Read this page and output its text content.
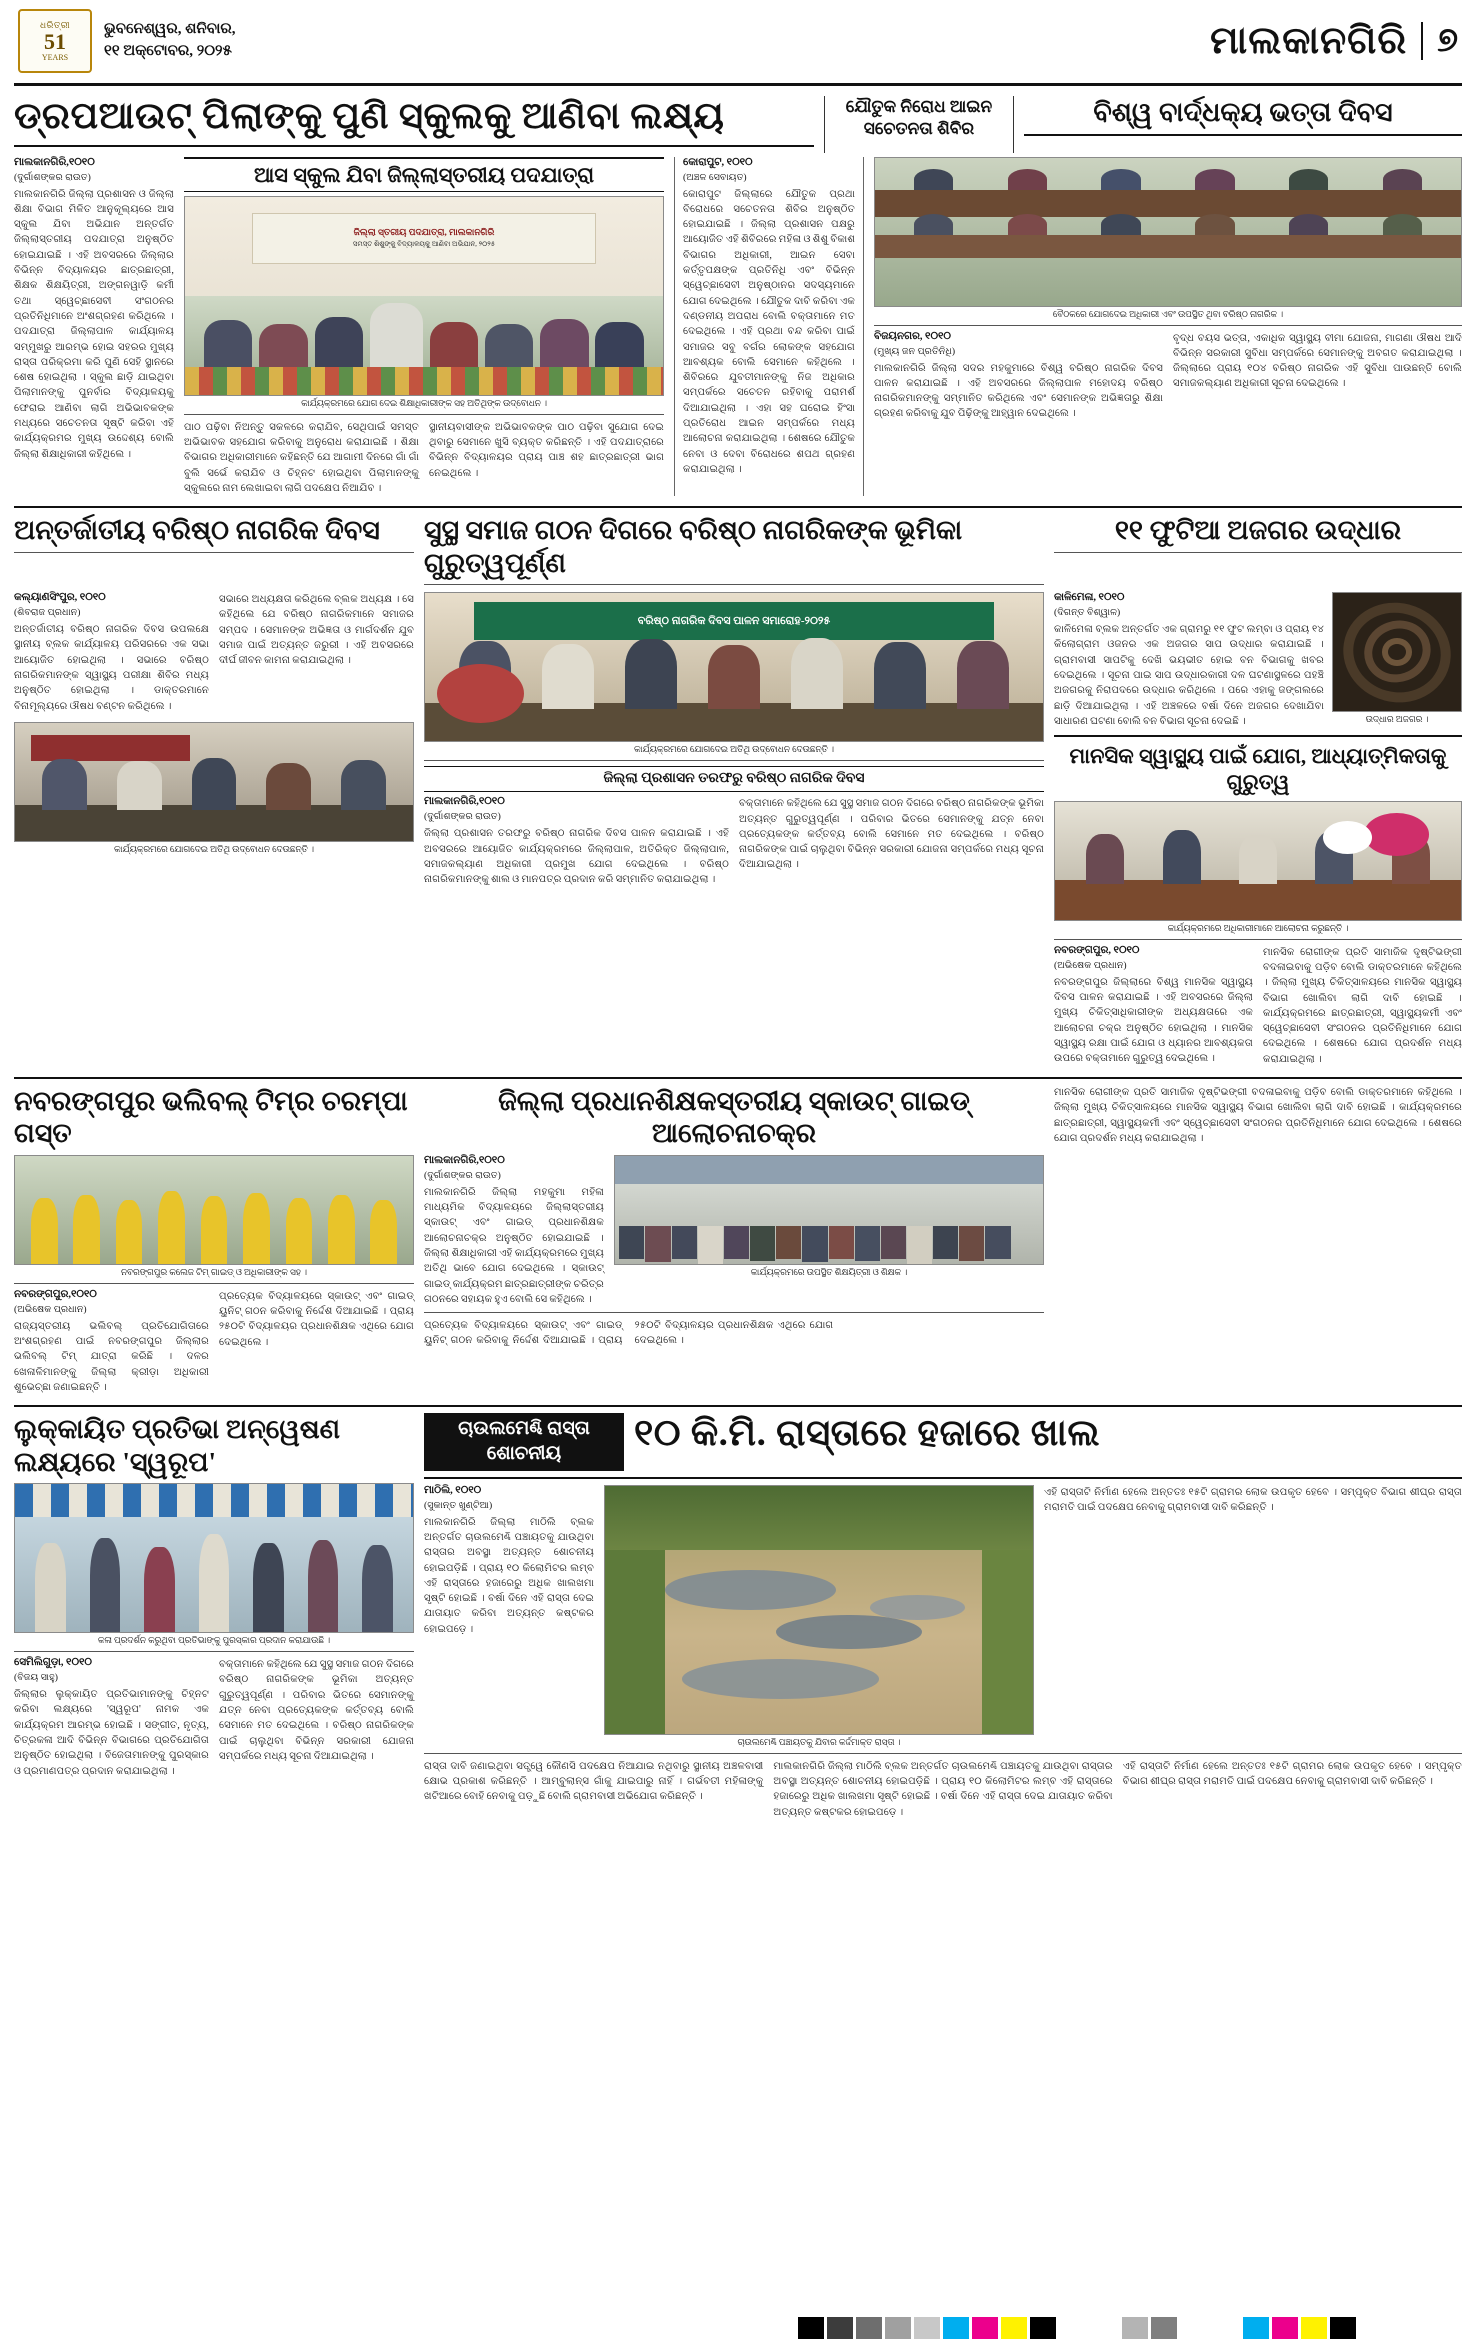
ଧରିତ୍ରୀ
51
YEARS
ଭୁବନେଶ୍ୱର, ଶନିବାର,
୧୧ ଅକ୍ଟୋବର, ୨୦୨୫	ମାଲକାନଗିରି ୭
ଡ୍ରପଆଉଟ୍ ପିଲାଙ୍କୁ ପୁଣି ସ୍କୁଲକୁ ଆଣିବା ଲକ୍ଷ୍ୟ	ଯୌତୁକ ନିରୋଧ ଆଇନ ସଚେତନତା ଶିବିର
ବିଶ୍ୱ ବାର୍ଦ୍ଧକ୍ୟ ଭତ୍ତା ଦିବସ
ମାଲକାନଗିରି,୧୦୧୦
(ଦୁର୍ଗାଶଙ୍କର ରାଉତ)
ମାଲକାନଗିରି ଜିଲ୍ଲା ପ୍ରଶାସନ ଓ ଜିଲ୍ଲା ଶିକ୍ଷା ବିଭାଗ ମିଳିତ ଆନୁକୂଲ୍ୟରେ ଆସ ସ୍କୁଲ ଯିବା ଅଭିଯାନ ଅନ୍ତର୍ଗତ ଜିଲ୍ଲାସ୍ତରୀୟ ପଦଯାତ୍ରା ଅନୁଷ୍ଠିତ ହୋଇଯାଇଛି । ଏହି ଅବସରରେ ଜିଲ୍ଲାର ବିଭିନ୍ନ ବିଦ୍ୟାଳୟର ଛାତ୍ରଛାତ୍ରୀ, ଶିକ୍ଷକ ଶିକ୍ଷୟିତ୍ରୀ, ଅଙ୍ଗନୱାଡ଼ି କର୍ମୀ ତଥା ସ୍ୱେଚ୍ଛାସେବୀ ସଂଗଠନର ପ୍ରତିନିଧିମାନେ ଅଂଶଗ୍ରହଣ କରିଥିଲେ । ପଦଯାତ୍ରା ଜିଲ୍ଲାପାଳ କାର୍ଯ୍ୟାଳୟ ସମ୍ମୁଖରୁ ଆରମ୍ଭ ହୋଇ ସହରର ମୁଖ୍ୟ ରାସ୍ତା ପରିକ୍ରମା କରି ପୁଣି ସେହି ସ୍ଥାନରେ ଶେଷ ହୋଇଥିଲା । ସ୍କୁଲ ଛାଡ଼ି ଯାଇଥିବା ପିଲାମାନଙ୍କୁ ପୁନର୍ବାର ବିଦ୍ୟାଳୟକୁ ଫେରାଇ ଆଣିବା ଲାଗି ଅଭିଭାବକଙ୍କ ମଧ୍ୟରେ ସଚେତନତା ସୃଷ୍ଟି କରିବା ଏହି କାର୍ଯ୍ୟକ୍ରମର ମୁଖ୍ୟ ଉଦ୍ଦେଶ୍ୟ ବୋଲି ଜିଲ୍ଲା ଶିକ୍ଷାଧିକାରୀ କହିଥିଲେ ।
ଆସ ସ୍କୁଲ ଯିବା ଜିଲ୍ଲାସ୍ତରୀୟ ପଦଯାତ୍ରା
ଜିଲ୍ଲା ସ୍ତରୀୟ ପଦଯାତ୍ରା, ମାଲକାନଗିରି
ସମସ୍ତ ଶିଶୁଙ୍କୁ ବିଦ୍ୟାଳୟକୁ ଆଣିବା ଅଭିଯାନ, ୨୦୨୫
କାର୍ଯ୍ୟକ୍ରମରେ ଯୋଗ ଦେଇ ଶିକ୍ଷାଧିକାରୀଙ୍କ ସହ ଅତିଥିଙ୍କ ଉଦ୍ବୋଧନ ।
ପାଠ ପଢ଼ିବା ନିଅନ୍ତୁ ସକଳରେ କରାଯିବ, ସେଥିପାଇଁ ସମସ୍ତ ଅଭିଭାବକ ସହଯୋଗ କରିବାକୁ ଅନୁରୋଧ କରାଯାଇଛି । ଶିକ୍ଷା ବିଭାଗର ଅଧିକାରୀମାନେ କହିଛନ୍ତି ଯେ ଆଗାମୀ ଦିନରେ ଗାଁ ଗାଁ ବୁଲି ସର୍ଭେ କରାଯିବ ଓ ଚିହ୍ନଟ ହୋଇଥିବା ପିଲାମାନଙ୍କୁ ସ୍କୁଲରେ ନାମ ଲେଖାଇବା ଲାଗି ପଦକ୍ଷେପ ନିଆଯିବ ।
ସ୍ଥାନୀୟବାସୀଙ୍କ ଅଭିଭାବକଙ୍କ ପାଠ ପଢ଼ିବା ସୁଯୋଗ ଦେଇ ଥିବାରୁ ସେମାନେ ଖୁସି ବ୍ୟକ୍ତ କରିଛନ୍ତି । ଏହି ପଦଯାତ୍ରାରେ ବିଭିନ୍ନ ବିଦ୍ୟାଳୟର ପ୍ରାୟ ପାଞ୍ଚ ଶହ ଛାତ୍ରଛାତ୍ରୀ ଭାଗ ନେଇଥିଲେ ।
କୋରାପୁଟ, ୧୦୧୦
(ଅଞ୍ଚଳ ସେବାୟତ)
କୋରାପୁଟ ଜିଲ୍ଲାରେ ଯୌତୁକ ପ୍ରଥା ବିରୋଧରେ ସଚେତନତା ଶିବିର ଅନୁଷ୍ଠିତ ହୋଇଯାଇଛି । ଜିଲ୍ଲା ପ୍ରଶାସନ ପକ୍ଷରୁ ଆୟୋଜିତ ଏହି ଶିବିରରେ ମହିଳା ଓ ଶିଶୁ ବିକାଶ ବିଭାଗର ଅଧିକାରୀ, ଆଇନ ସେବା କର୍ତ୍ତୃପକ୍ଷଙ୍କ ପ୍ରତିନିଧି ଏବଂ ବିଭିନ୍ନ ସ୍ୱେଚ୍ଛାସେବୀ ଅନୁଷ୍ଠାନର ସଦସ୍ୟମାନେ ଯୋଗ ଦେଇଥିଲେ । ଯୌତୁକ ଦାବି କରିବା ଏକ ଦଣ୍ଡନୀୟ ଅପରାଧ ବୋଲି ବକ୍ତାମାନେ ମତ ଦେଇଥିଲେ । ଏହି ପ୍ରଥା ବନ୍ଦ କରିବା ପାଇଁ ସମାଜର ସବୁ ବର୍ଗର ଲୋକଙ୍କ ସହଯୋଗ ଆବଶ୍ୟକ ବୋଲି ସେମାନେ କହିଥିଲେ । ଶିବିରରେ ଯୁବତୀମାନଙ୍କୁ ନିଜ ଅଧିକାର ସମ୍ପର୍କରେ ସଚେତନ ରହିବାକୁ ପରାମର୍ଶ ଦିଆଯାଇଥିଲା । ଏହା ସହ ଘରୋଇ ହିଂସା ପ୍ରତିରୋଧ ଆଇନ ସମ୍ପର୍କରେ ମଧ୍ୟ ଆଲୋଚନା କରାଯାଇଥିଲା । ଶେଷରେ ଯୌତୁକ ନେବା ଓ ଦେବା ବିରୋଧରେ ଶପଥ ଗ୍ରହଣ କରାଯାଇଥିଲା ।
ବୈଠକରେ ଯୋଗଦେଇ ଅଧିକାରୀ ଏବଂ ଉପସ୍ଥିତ ଥିବା ବରିଷ୍ଠ ନାଗରିକ ।
ବିଜୟନଗର, ୧୦୧୦
(ମୁଖ୍ୟ ଜନ ପ୍ରତିନିଧି)
ମାଲକାନଗିରି ଜିଲ୍ଲା ସଦର ମହକୁମାରେ ବିଶ୍ୱ ବରିଷ୍ଠ ନାଗରିକ ଦିବସ ପାଳନ କରାଯାଇଛି । ଏହି ଅବସରରେ ଜିଲ୍ଲାପାଳ ମହୋଦୟ ବରିଷ୍ଠ ନାଗରିକମାନଙ୍କୁ ସମ୍ମାନିତ କରିଥିଲେ ଏବଂ ସେମାନଙ୍କ ଅଭିଜ୍ଞତାରୁ ଶିକ୍ଷା ଗ୍ରହଣ କରିବାକୁ ଯୁବ ପିଢ଼ିଙ୍କୁ ଆହ୍ୱାନ ଦେଇଥିଲେ ।
ବୃଦ୍ଧ ବୟସ ଭତ୍ତା, ଏକାଧିକ ସ୍ୱାସ୍ଥ୍ୟ ବୀମା ଯୋଜନା, ମାଗଣା ଔଷଧ ଆଦି ବିଭିନ୍ନ ସରକାରୀ ସୁବିଧା ସମ୍ପର୍କରେ ସେମାନଙ୍କୁ ଅବଗତ କରାଯାଇଥିଲା । ଜିଲ୍ଲାରେ ପ୍ରାୟ ୧୦୪ ବରିଷ୍ଠ ନାଗରିକ ଏହି ସୁବିଧା ପାଉଛନ୍ତି ବୋଲି ସମାଜକଲ୍ୟାଣ ଅଧିକାରୀ ସୂଚନା ଦେଇଥିଲେ ।
ଅନ୍ତର୍ଜାତୀୟ ବରିଷ୍ଠ ନାଗରିକ ଦିବସ	ସୁସ୍ଥ ସମାଜ ଗଠନ ଦିଗରେ ବରିଷ୍ଠ ନାଗରିକଙ୍କ ଭୂମିକା ଗୁରୁତ୍ୱପୂର୍ଣ୍ଣ
୧୧ ଫୁଟିଆ ଅଜଗର ଉଦ୍ଧାର
କଲ୍ୟାଣସିଂପୁର, ୧୦୧୦
(ଶିବରାଜ ପ୍ରଧାନ)
ଅନ୍ତର୍ଜାତୀୟ ବରିଷ୍ଠ ନାଗରିକ ଦିବସ ଉପଲକ୍ଷେ ସ୍ଥାନୀୟ ବ୍ଲକ କାର୍ଯ୍ୟାଳୟ ପରିସରରେ ଏକ ସଭା ଆୟୋଜିତ ହୋଇଥିଲା । ସଭାରେ ବରିଷ୍ଠ ନାଗରିକମାନଙ୍କ ସ୍ୱାସ୍ଥ୍ୟ ପରୀକ୍ଷା ଶିବିର ମଧ୍ୟ ଅନୁଷ୍ଠିତ ହୋଇଥିଲା । ଡାକ୍ତରମାନେ ବିନାମୂଲ୍ୟରେ ଔଷଧ ବଣ୍ଟନ କରିଥିଲେ ।
ସଭାରେ ଅଧ୍ୟକ୍ଷତା କରିଥିଲେ ବ୍ଲକ ଅଧ୍ୟକ୍ଷ । ସେ କହିଥିଲେ ଯେ ବରିଷ୍ଠ ନାଗରିକମାନେ ସମାଜର ସମ୍ପଦ । ସେମାନଙ୍କ ଅଭିଜ୍ଞତା ଓ ମାର୍ଗଦର୍ଶନ ଯୁବ ସମାଜ ପାଇଁ ଅତ୍ୟନ୍ତ ଜରୁରୀ । ଏହି ଅବସରରେ ଦୀର୍ଘ ଜୀବନ କାମନା କରାଯାଇଥିଲା ।
କାର୍ଯ୍ୟକ୍ରମରେ ଯୋଗଦେଇ ଅତିଥି ଉଦ୍ବୋଧନ ଦେଉଛନ୍ତି ।
ବରିଷ୍ଠ ନାଗରିକ ଦିବସ ପାଳନ ସମାରୋହ-୨୦୨୫
କାର୍ଯ୍ୟକ୍ରମରେ ଯୋଗଦେଇ ଅତିଥି ଉଦ୍ବୋଧନ ଦେଉଛନ୍ତି ।
ଜିଲ୍ଲା ପ୍ରଶାସନ ତରଫରୁ ବରିଷ୍ଠ ନାଗରିକ ଦିବସ
ମାଲକାନଗିରି,୧୦୧୦
(ଦୁର୍ଗାଶଙ୍କର ରାଉତ)
ଜିଲ୍ଲା ପ୍ରଶାସନ ତରଫରୁ ବରିଷ୍ଠ ନାଗରିକ ଦିବସ ପାଳନ କରାଯାଇଛି । ଏହି ଅବସରରେ ଆୟୋଜିତ କାର୍ଯ୍ୟକ୍ରମରେ ଜିଲ୍ଲାପାଳ, ଅତିରିକ୍ତ ଜିଲ୍ଲାପାଳ, ସମାଜକଲ୍ୟାଣ ଅଧିକାରୀ ପ୍ରମୁଖ ଯୋଗ ଦେଇଥିଲେ । ବରିଷ୍ଠ ନାଗରିକମାନଙ୍କୁ ଶାଲ ଓ ମାନପତ୍ର ପ୍ରଦାନ କରି ସମ୍ମାନିତ କରାଯାଇଥିଲା ।
ବକ୍ତାମାନେ କହିଥିଲେ ଯେ ସୁସ୍ଥ ସମାଜ ଗଠନ ଦିଗରେ ବରିଷ୍ଠ ନାଗରିକଙ୍କ ଭୂମିକା ଅତ୍ୟନ୍ତ ଗୁରୁତ୍ୱପୂର୍ଣ୍ଣ । ପରିବାର ଭିତରେ ସେମାନଙ୍କୁ ଯତ୍ନ ନେବା ପ୍ରତ୍ୟେକଙ୍କ କର୍ତ୍ତବ୍ୟ ବୋଲି ସେମାନେ ମତ ଦେଇଥିଲେ । ବରିଷ୍ଠ ନାଗରିକଙ୍କ ପାଇଁ ଚାଲୁଥିବା ବିଭିନ୍ନ ସରକାରୀ ଯୋଜନା ସମ୍ପର୍କରେ ମଧ୍ୟ ସୂଚନା ଦିଆଯାଇଥିଲା ।
କାଳିମେଳା, ୧୦୧୦
(ଦିଗନ୍ତ ବିଶ୍ୱାଳ)
କାଳିମେଳା ବ୍ଲକ ଅନ୍ତର୍ଗତ ଏକ ଗ୍ରାମରୁ ୧୧ ଫୁଟ ଲମ୍ବା ଓ ପ୍ରାୟ ୧୪ କିଲୋଗ୍ରାମ ଓଜନର ଏକ ଅଜଗର ସାପ ଉଦ୍ଧାର କରାଯାଇଛି । ଗ୍ରାମବାସୀ ସାପଟିକୁ ଦେଖି ଭୟଭୀତ ହୋଇ ବନ ବିଭାଗକୁ ଖବର ଦେଇଥିଲେ । ସୂଚନା ପାଇ ସାପ ଉଦ୍ଧାରକାରୀ ଦଳ ଘଟଣାସ୍ଥଳରେ ପହଞ୍ଚି ଅଜଗରକୁ ନିରାପଦରେ ଉଦ୍ଧାର କରିଥିଲେ । ପରେ ଏହାକୁ ଜଙ୍ଗଲରେ ଛାଡ଼ି ଦିଆଯାଇଥିଲା । ଏହି ଅଞ୍ଚଳରେ ବର୍ଷା ଦିନେ ଅଜଗର ଦେଖାଯିବା ସାଧାରଣ ଘଟଣା ବୋଲି ବନ ବିଭାଗ ସୂଚନା ଦେଇଛି ।	ଉଦ୍ଧାର ଅଜଗର ।
ମାନସିକ ସ୍ୱାସ୍ଥ୍ୟ ପାଇଁ ଯୋଗ, ଆଧ୍ୟାତ୍ମିକତାକୁ ଗୁରୁତ୍ୱ
କାର୍ଯ୍ୟକ୍ରମରେ ଅଧିକାରୀମାନେ ଆଲୋଚନା କରୁଛନ୍ତି ।
ନବରଙ୍ଗପୁର, ୧୦୧୦
(ଅଭିଷେକ ପ୍ରଧାନ)
ନବରଙ୍ଗପୁର ଜିଲ୍ଲାରେ ବିଶ୍ୱ ମାନସିକ ସ୍ୱାସ୍ଥ୍ୟ ଦିବସ ପାଳନ କରାଯାଇଛି । ଏହି ଅବସରରେ ଜିଲ୍ଲା ମୁଖ୍ୟ ଚିକିତ୍ସାଧିକାରୀଙ୍କ ଅଧ୍ୟକ୍ଷତାରେ ଏକ ଆଲୋଚନା ଚକ୍ର ଅନୁଷ୍ଠିତ ହୋଇଥିଲା । ମାନସିକ ସ୍ୱାସ୍ଥ୍ୟ ରକ୍ଷା ପାଇଁ ଯୋଗ ଓ ଧ୍ୟାନର ଆବଶ୍ୟକତା ଉପରେ ବକ୍ତାମାନେ ଗୁରୁତ୍ୱ ଦେଇଥିଲେ ।
ମାନସିକ ରୋଗୀଙ୍କ ପ୍ରତି ସାମାଜିକ ଦୃଷ୍ଟିଭଙ୍ଗୀ ବଦଳାଇବାକୁ ପଡ଼ିବ ବୋଲି ଡାକ୍ତରମାନେ କହିଥିଲେ । ଜିଲ୍ଲା ମୁଖ୍ୟ ଚିକିତ୍ସାଳୟରେ ମାନସିକ ସ୍ୱାସ୍ଥ୍ୟ ବିଭାଗ ଖୋଲିବା ଲାଗି ଦାବି ହୋଇଛି । କାର୍ଯ୍ୟକ୍ରମରେ ଛାତ୍ରଛାତ୍ରୀ, ସ୍ୱାସ୍ଥ୍ୟକର୍ମୀ ଏବଂ ସ୍ୱେଚ୍ଛାସେବୀ ସଂଗଠନର ପ୍ରତିନିଧିମାନେ ଯୋଗ ଦେଇଥିଲେ । ଶେଷରେ ଯୋଗ ପ୍ରଦର୍ଶନ ମଧ୍ୟ କରାଯାଇଥିଲା ।
ନବରଙ୍ଗପୁର ଭଲିବଲ୍ ଟିମ୍ର ଚରମ୍ପା ଗସ୍ତ
ନବରଙ୍ଗପୁର କଲେଜ ଟିମ୍ ଗାଇଡ୍ ଓ ଅଧିକାରୀଙ୍କ ସହ ।
ନବରଙ୍ଗପୁର,୧୦୧୦
(ଅଭିଷେକ ପ୍ରଧାନ)
ରାଜ୍ୟସ୍ତରୀୟ ଭଲିବଲ୍ ପ୍ରତିଯୋଗିତାରେ ଅଂଶଗ୍ରହଣ ପାଇଁ ନବରଙ୍ଗପୁର ଜିଲ୍ଲାର ଭଲିବଲ୍ ଟିମ୍ ଯାତ୍ରା କରିଛି । ଦଳର ଖେଳାଳିମାନଙ୍କୁ ଜିଲ୍ଲା କ୍ରୀଡ଼ା ଅଧିକାରୀ ଶୁଭେଚ୍ଛା ଜଣାଇଛନ୍ତି ।
ପ୍ରତ୍ୟେକ ବିଦ୍ୟାଳୟରେ ସ୍କାଉଟ୍ ଏବଂ ଗାଇଡ୍ ୟୁନିଟ୍ ଗଠନ କରିବାକୁ ନିର୍ଦ୍ଦେଶ ଦିଆଯାଇଛି । ପ୍ରାୟ ୨୫୦ଟି ବିଦ୍ୟାଳୟର ପ୍ରଧାନଶିକ୍ଷକ ଏଥିରେ ଯୋଗ ଦେଇଥିଲେ ।
ଜିଲ୍ଲା ପ୍ରଧାନଶିକ୍ଷକସ୍ତରୀୟ ସ୍କାଉଟ୍ ଗାଇଡ୍ ଆଲୋଚନାଚକ୍ର
ମାଲକାନଗିରି,୧୦୧୦
(ଦୁର୍ଗାଶଙ୍କର ରାଉତ)
ମାଲକାନଗିରି ଜିଲ୍ଲା ମହକୁମା ମହିଳା ମାଧ୍ୟମିକ ବିଦ୍ୟାଳୟରେ ଜିଲ୍ଲାସ୍ତରୀୟ ସ୍କାଉଟ୍ ଏବଂ ଗାଇଡ୍ ପ୍ରଧାନଶିକ୍ଷକ ଆଲୋଚନାଚକ୍ର ଅନୁଷ୍ଠିତ ହୋଇଯାଇଛି । ଜିଲ୍ଲା ଶିକ୍ଷାଧିକାରୀ ଏହି କାର୍ଯ୍ୟକ୍ରମରେ ମୁଖ୍ୟ ଅତିଥି ଭାବେ ଯୋଗ ଦେଇଥିଲେ । ସ୍କାଉଟ୍ ଗାଇଡ୍ କାର୍ଯ୍ୟକ୍ରମ ଛାତ୍ରଛାତ୍ରୀଙ୍କ ଚରିତ୍ର ଗଠନରେ ସହାୟକ ହୁଏ ବୋଲି ସେ କହିଥିଲେ ।
କାର୍ଯ୍ୟକ୍ରମରେ ଉପସ୍ଥିତ ଶିକ୍ଷୟିତ୍ରୀ ଓ ଶିକ୍ଷକ ।
ପ୍ରତ୍ୟେକ ବିଦ୍ୟାଳୟରେ ସ୍କାଉଟ୍ ଏବଂ ଗାଇଡ୍ ୟୁନିଟ୍ ଗଠନ କରିବାକୁ ନିର୍ଦ୍ଦେଶ ଦିଆଯାଇଛି । ପ୍ରାୟ ୨୫୦ଟି ବିଦ୍ୟାଳୟର ପ୍ରଧାନଶିକ୍ଷକ ଏଥିରେ ଯୋଗ ଦେଇଥିଲେ ।
ମାନସିକ ରୋଗୀଙ୍କ ପ୍ରତି ସାମାଜିକ ଦୃଷ୍ଟିଭଙ୍ଗୀ ବଦଳାଇବାକୁ ପଡ଼ିବ ବୋଲି ଡାକ୍ତରମାନେ କହିଥିଲେ । ଜିଲ୍ଲା ମୁଖ୍ୟ ଚିକିତ୍ସାଳୟରେ ମାନସିକ ସ୍ୱାସ୍ଥ୍ୟ ବିଭାଗ ଖୋଲିବା ଲାଗି ଦାବି ହୋଇଛି । କାର୍ଯ୍ୟକ୍ରମରେ ଛାତ୍ରଛାତ୍ରୀ, ସ୍ୱାସ୍ଥ୍ୟକର୍ମୀ ଏବଂ ସ୍ୱେଚ୍ଛାସେବୀ ସଂଗଠନର ପ୍ରତିନିଧିମାନେ ଯୋଗ ଦେଇଥିଲେ । ଶେଷରେ ଯୋଗ ପ୍ରଦର୍ଶନ ମଧ୍ୟ କରାଯାଇଥିଲା ।
ଲୁକ୍କାୟିତ ପ୍ରତିଭା ଅନ୍ୱେଷଣ ଲକ୍ଷ୍ୟରେ 'ସ୍ୱରୂପ'
କଳା ପ୍ରଦର୍ଶନ କରୁଥିବା ପ୍ରତିଭାଙ୍କୁ ପୁରସ୍କାର ପ୍ରଦାନ କରାଯାଉଛି ।
ସେମିଲିଗୁଡ଼ା, ୧୦୧୦
(ବିଜୟ ସାହୁ)
ଜିଲ୍ଲାର ଲୁକ୍କାୟିତ ପ୍ରତିଭାମାନଙ୍କୁ ଚିହ୍ନଟ କରିବା ଲକ୍ଷ୍ୟରେ 'ସ୍ୱରୂପ' ନାମକ ଏକ କାର୍ଯ୍ୟକ୍ରମ ଆରମ୍ଭ ହୋଇଛି । ସଙ୍ଗୀତ, ନୃତ୍ୟ, ଚିତ୍ରକଳା ଆଦି ବିଭିନ୍ନ ବିଭାଗରେ ପ୍ରତିଯୋଗିତା ଅନୁଷ୍ଠିତ ହୋଇଥିଲା । ବିଜେତାମାନଙ୍କୁ ପୁରସ୍କାର ଓ ପ୍ରମାଣପତ୍ର ପ୍ରଦାନ କରାଯାଇଥିଲା ।
ବକ୍ତାମାନେ କହିଥିଲେ ଯେ ସୁସ୍ଥ ସମାଜ ଗଠନ ଦିଗରେ ବରିଷ୍ଠ ନାଗରିକଙ୍କ ଭୂମିକା ଅତ୍ୟନ୍ତ ଗୁରୁତ୍ୱପୂର୍ଣ୍ଣ । ପରିବାର ଭିତରେ ସେମାନଙ୍କୁ ଯତ୍ନ ନେବା ପ୍ରତ୍ୟେକଙ୍କ କର୍ତ୍ତବ୍ୟ ବୋଲି ସେମାନେ ମତ ଦେଇଥିଲେ । ବରିଷ୍ଠ ନାଗରିକଙ୍କ ପାଇଁ ଚାଲୁଥିବା ବିଭିନ୍ନ ସରକାରୀ ଯୋଜନା ସମ୍ପର୍କରେ ମଧ୍ୟ ସୂଚନା ଦିଆଯାଇଥିଲା ।
ଚାଉଲମେଣ୍ଢି ରାସ୍ତା
ଶୋଚନୀୟ	୧୦ କି.ମି. ରାସ୍ତାରେ ହଜାରେ ଖାଲ
ମାଠିଲି, ୧୦୧୦
(ସୁକାନ୍ତ ଖୁଣ୍ଟିଆ)
ମାଲକାନଗିରି ଜିଲ୍ଲା ମାଠିଲି ବ୍ଲକ ଅନ୍ତର୍ଗତ ଚାଉଲମେଣ୍ଢି ପଞ୍ଚାୟତକୁ ଯାଉଥିବା ରାସ୍ତାର ଅବସ୍ଥା ଅତ୍ୟନ୍ତ ଶୋଚନୀୟ ହୋଇପଡ଼ିଛି । ପ୍ରାୟ ୧୦ କିଲୋମିଟର ଲମ୍ବ ଏହି ରାସ୍ତାରେ ହଜାରେରୁ ଅଧିକ ଖାଲଖମା ସୃଷ୍ଟି ହୋଇଛି । ବର୍ଷା ଦିନେ ଏହି ରାସ୍ତା ଦେଇ ଯାତାୟାତ କରିବା ଅତ୍ୟନ୍ତ କଷ୍ଟକର ହୋଇପଡ଼େ ।
ଚାଉଲମେଣ୍ଢି ପଞ୍ଚାୟତକୁ ଯିବାର କର୍ଦ୍ଦମାକ୍ତ ରାସ୍ତା ।
ଏହି ରାସ୍ତାଟି ନିର୍ମାଣ ହେଲେ ଅନ୍ତତଃ ୧୫ଟି ଗ୍ରାମର ଲୋକ ଉପକୃତ ହେବେ । ସମ୍ପୃକ୍ତ ବିଭାଗ ଶୀଘ୍ର ରାସ୍ତା ମରାମତି ପାଇଁ ପଦକ୍ଷେପ ନେବାକୁ ଗ୍ରାମବାସୀ ଦାବି କରିଛନ୍ତି ।
ରାସ୍ତା ଦାବି ଜଣାଇଥିବା ସତ୍ତ୍ୱେ କୌଣସି ପଦକ୍ଷେପ ନିଆଯାଇ ନଥିବାରୁ ସ୍ଥାନୀୟ ଅଞ୍ଚଳବାସୀ କ୍ଷୋଭ ପ୍ରକାଶ କରିଛନ୍ତି । ଆମ୍ବୁଲାନ୍ସ ଗାଁକୁ ଯାଇପାରୁ ନାହିଁ । ଗର୍ଭବତୀ ମହିଳାଙ୍କୁ ଖଟିଆରେ ବୋହି ନେବାକୁ ପଡ଼ୁଛି ବୋଲି ଗ୍ରାମବାସୀ ଅଭିଯୋଗ କରିଛନ୍ତି ।
ମାଲକାନଗିରି ଜିଲ୍ଲା ମାଠିଲି ବ୍ଲକ ଅନ୍ତର୍ଗତ ଚାଉଲମେଣ୍ଢି ପଞ୍ଚାୟତକୁ ଯାଉଥିବା ରାସ୍ତାର ଅବସ୍ଥା ଅତ୍ୟନ୍ତ ଶୋଚନୀୟ ହୋଇପଡ଼ିଛି । ପ୍ରାୟ ୧୦ କିଲୋମିଟର ଲମ୍ବ ଏହି ରାସ୍ତାରେ ହଜାରେରୁ ଅଧିକ ଖାଲଖମା ସୃଷ୍ଟି ହୋଇଛି । ବର୍ଷା ଦିନେ ଏହି ରାସ୍ତା ଦେଇ ଯାତାୟାତ କରିବା ଅତ୍ୟନ୍ତ କଷ୍ଟକର ହୋଇପଡ଼େ ।
ଏହି ରାସ୍ତାଟି ନିର୍ମାଣ ହେଲେ ଅନ୍ତତଃ ୧୫ଟି ଗ୍ରାମର ଲୋକ ଉପକୃତ ହେବେ । ସମ୍ପୃକ୍ତ ବିଭାଗ ଶୀଘ୍ର ରାସ୍ତା ମରାମତି ପାଇଁ ପଦକ୍ଷେପ ନେବାକୁ ଗ୍ରାମବାସୀ ଦାବି କରିଛନ୍ତି ।
